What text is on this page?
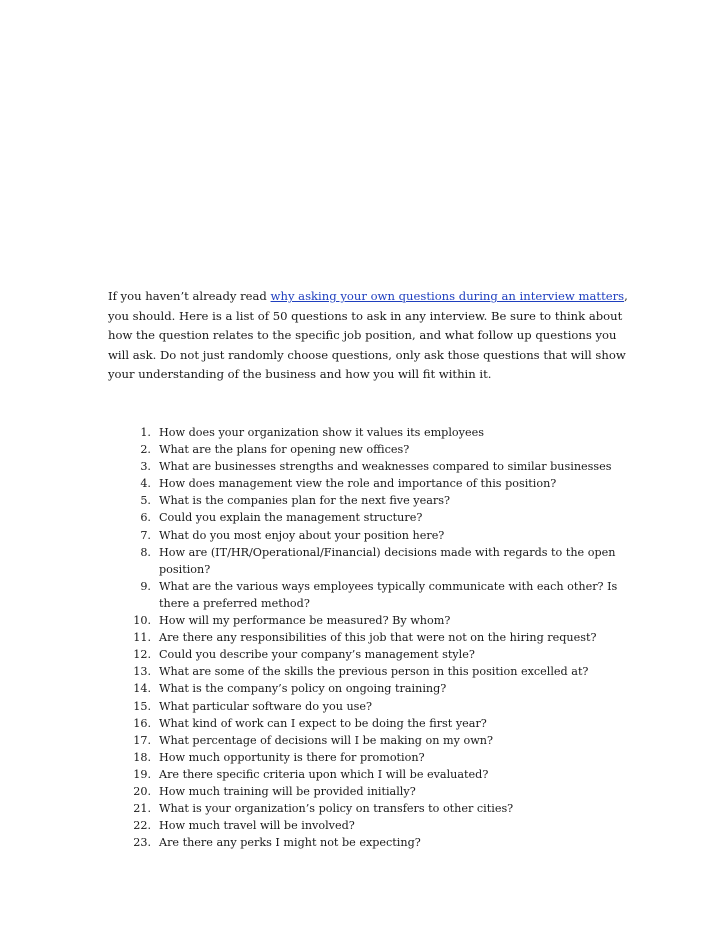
If you haven’t already read why asking your own questions during an interview matters, you should. Here is a list of 50 questions to ask in any interview. Be sure to think about how the question relates to the specific job position, and what follow up questions you will ask. Do not just randomly choose questions, only ask those questions that will show your understanding of the business and how you will fit within it.

1. How does your organization show it values its employees
2. What are the plans for opening new offices?
3. What are businesses strengths and weaknesses compared to similar businesses
4. How does management view the role and importance of this position?
5. What is the companies plan for the next five years?
6. Could you explain the management structure?
7. What do you most enjoy about your position here?
8. How are (IT/HR/Operational/Financial) decisions made with regards to the open position?
9. What are the various ways employees typically communicate with each other? Is there a preferred method?
10. How will my performance be measured? By whom?
11. Are there any responsibilities of this job that were not on the hiring request?
12. Could you describe your company’s management style?
13. What are some of the skills the previous person in this position excelled at?
14. What is the company’s policy on ongoing training?
15. What particular software do you use?
16. What kind of work can I expect to be doing the first year?
17. What percentage of decisions will I be making on my own?
18. How much opportunity is there for promotion?
19. Are there specific criteria upon which I will be evaluated?
20. How much training will be provided initially?
21. What is your organization’s policy on transfers to other cities?
22. How much travel will be involved?
23. Are there any perks I might not be expecting?
